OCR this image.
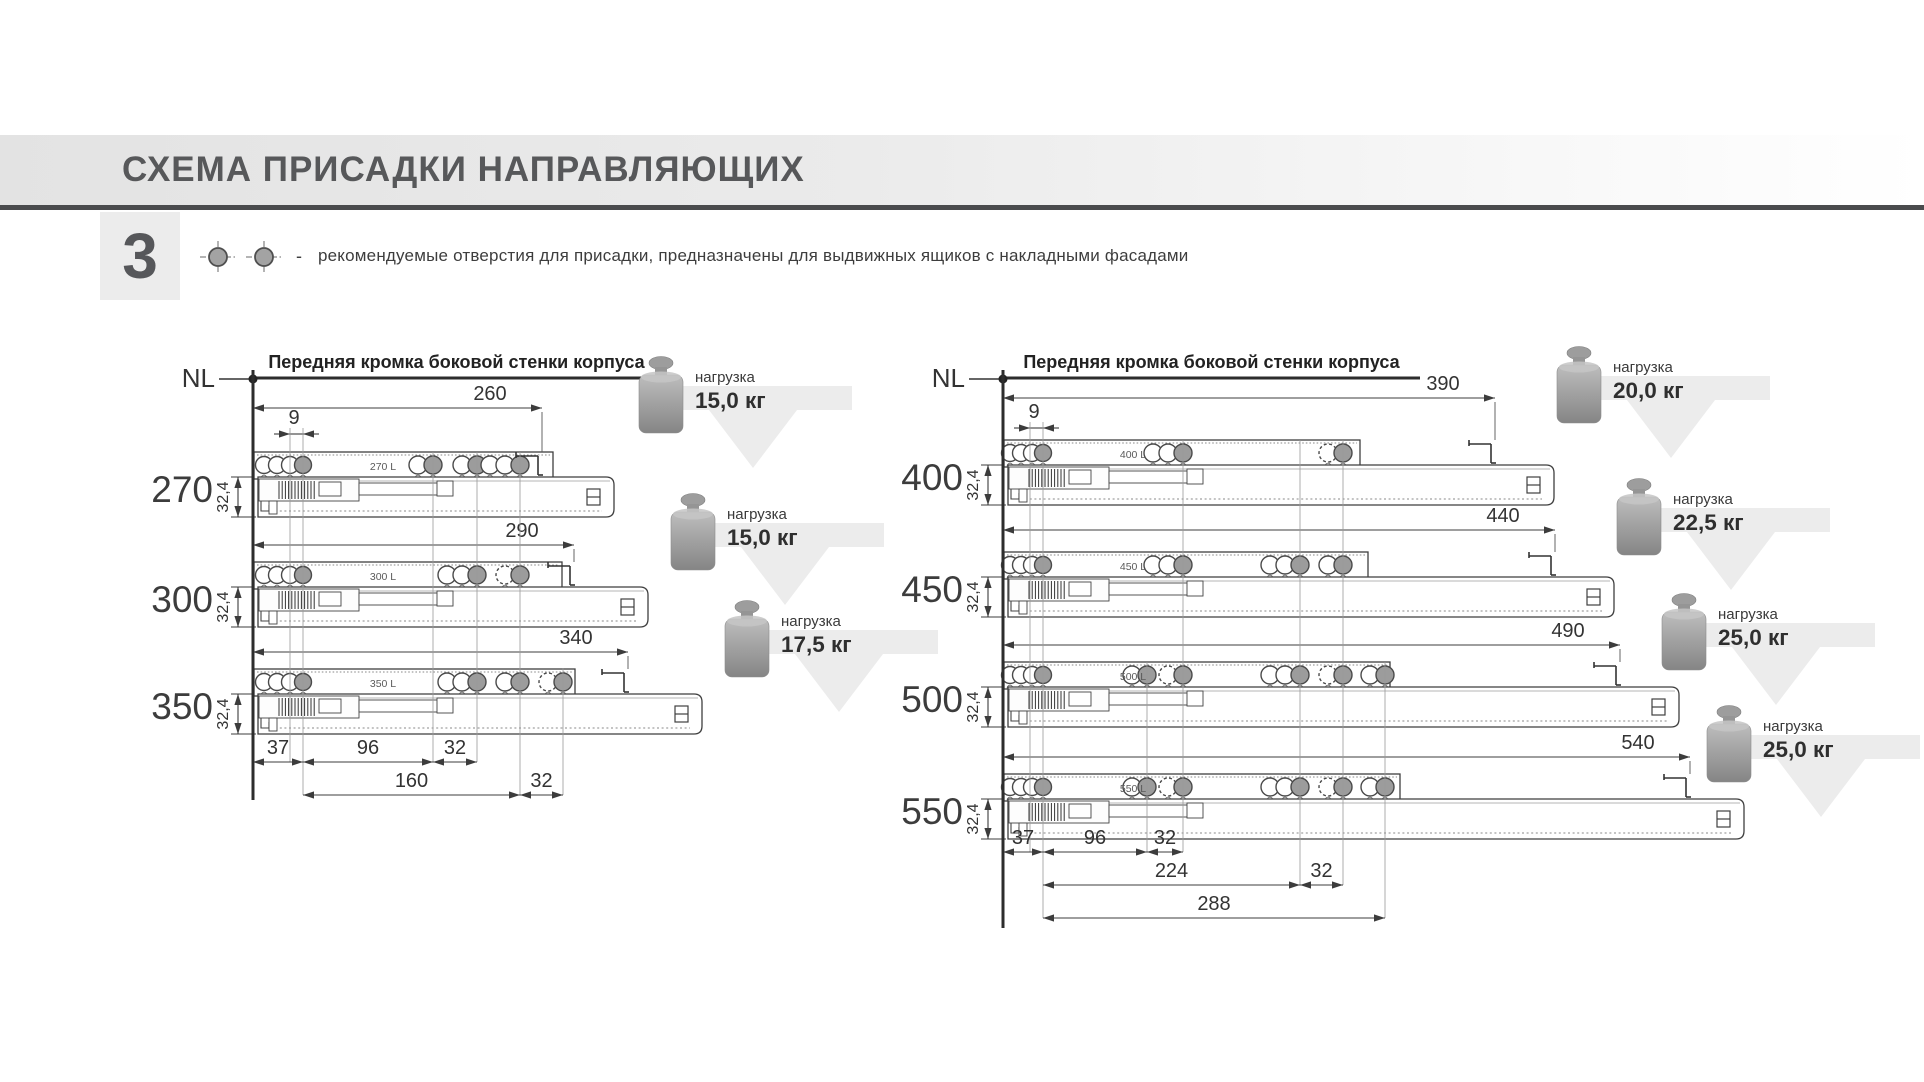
СХЕМА ПРИСАДКИ НАПРАВЛЯЮЩИХ
3	- рекомендуемые отверстия для присадки, предназначены для выдвижных ящиков с накладными фасадами
Передняя кромка боковой стенки корпуса
NL
270 32,4
270 L
260
нагрузка
15,0 кг
300 32,4
300 L
290
нагрузка
15,0 кг
350 32,4
350 L
340
нагрузка
17,5 кг
9
37	96	32
160	32
Передняя кромка боковой стенки корпуса
NL
400 32,4
400 L
390
нагрузка
20,0 кг
450 32,4
450 L
440
нагрузка
22,5 кг
500 32,4
500 L
490
нагрузка
25,0 кг
550 32,4
550 L
540
нагрузка
25,0 кг
9
37 96 32
224	32
288
